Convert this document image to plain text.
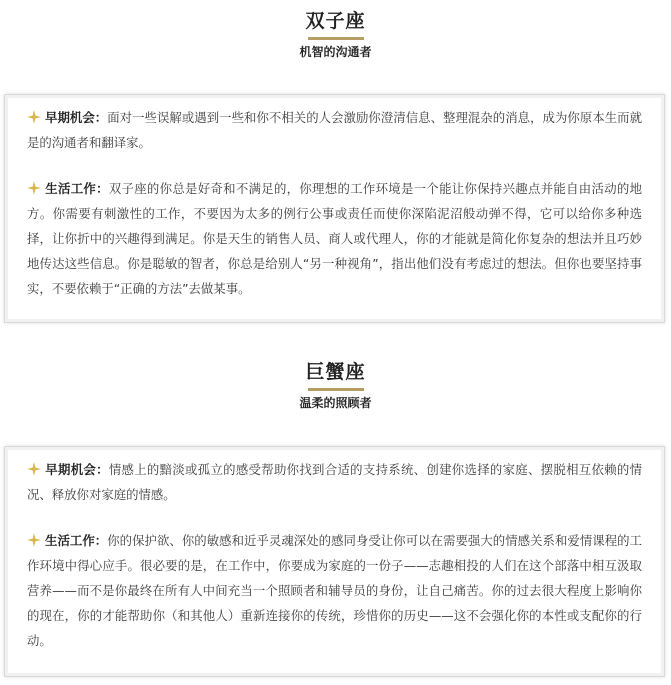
双子座
机智的沟通者

早期机会：面对一些误解或遇到一些和你不相关的人会激励你澄清信息、整理混杂的消息，成为你原本生而就是的沟通者和翻译家。

生活工作：双子座的你总是好奇和不满足的，你理想的工作环境是一个能让你保持兴趣点并能自由活动的地方。你需要有刺激性的工作，不要因为太多的例行公事或责任而使你深陷泥沼般动弹不得，它可以给你多种选择，让你折中的兴趣得到满足。你是天生的销售人员、商人或代理人，你的才能就是简化你复杂的想法并且巧妙地传达这些信息。你是聪敏的智者，你总是给别人“另一种视角”，指出他们没有考虑过的想法。但你也要坚持事实，不要依赖于“正确的方法”去做某事。

巨蟹座
温柔的照顾者

早期机会：情感上的黯淡或孤立的感受帮助你找到合适的支持系统、创建你选择的家庭、摆脱相互依赖的情况、释放你对家庭的情感。

生活工作：你的保护欲、你的敏感和近乎灵魂深处的感同身受让你可以在需要强大的情感关系和爱情课程的工作环境中得心应手。很必要的是，在工作中，你要成为家庭的一份子——志趣相投的人们在这个部落中相互汲取营养——而不是你最终在所有人中间充当一个照顾者和辅导员的身份，让自己痛苦。你的过去很大程度上影响你的现在，你的才能帮助你（和其他人）重新连接你的传统，珍惜你的历史——这不会强化你的本性或支配你的行动。
